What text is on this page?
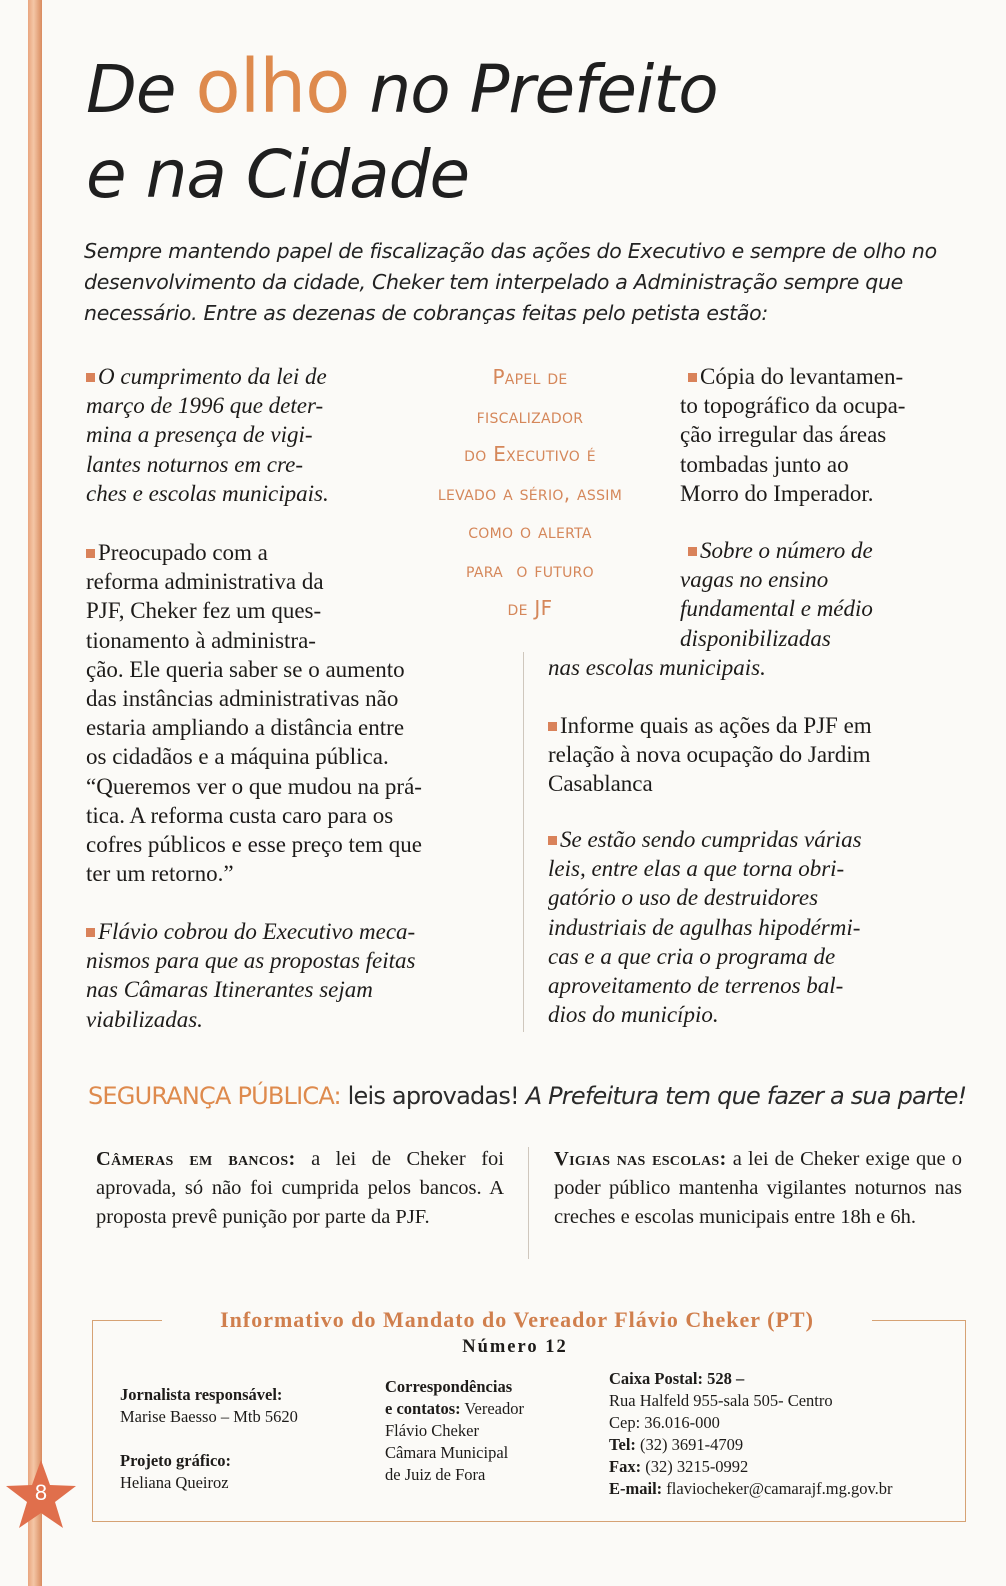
8
De olho no Prefeito
e na Cidade
Sempre mantendo papel de fiscalização das ações do Executivo e sempre de olho no desenvolvimento da cidade, Cheker tem interpelado a Administração sempre que necessário. Entre as dezenas de cobranças feitas pelo petista estão:
Papel de
fiscalizador
do Executivo é
levado a sério, assim
como o alerta
para  o futuro
de JF
O cumprimento da lei de
março de 1996 que deter-
mina a presença de vigi-
lantes noturnos em cre-
ches e escolas municipais.
Preocupado com a
reforma administrativa da
PJF, Cheker fez um ques-
tionamento à administra-
ção. Ele queria saber se o aumento
das instâncias administrativas não
estaria ampliando a distância entre
os cidadãos e a máquina pública.
“Queremos ver o que mudou na prá-
tica. A reforma custa caro para os
cofres públicos e esse preço tem que
ter um retorno.”
Flávio cobrou do Executivo meca-
nismos para que as propostas feitas
nas Câmaras Itinerantes sejam
viabilizadas.
Cópia do levantamen-
to topográfico da ocupa-
ção irregular das áreas
tombadas junto ao
Morro do Imperador.
Sobre o número de
vagas no ensino
fundamental e médio
disponibilizadas
nas escolas municipais.
Informe quais as ações da PJF em
relação à nova ocupação do Jardim
Casablanca
Se estão sendo cumpridas várias
leis, entre elas a que torna obri-
gatório o uso de destruidores
industriais de agulhas hipodérmi-
cas e a que cria o programa de
aproveitamento de terrenos bal-
dios do município.
SEGURANÇA PÚBLICA: leis aprovadas! A Prefeitura tem que fazer a sua parte!
Câmeras em bancos: a lei de Cheker foi aprovada, só não foi cumprida pelos bancos. A proposta prevê punição por parte da PJF.
Vigias nas escolas: a lei de Cheker exige que o poder público mantenha vigilantes noturnos nas creches e escolas municipais entre 18h e 6h.
Informativo do Mandato do Vereador Flávio Cheker (PT)
Número 12
Jornalista responsável:
Marise Baesso – Mtb 5620
Projeto gráfico:
Heliana Queiroz
Correspondências
e contatos: Vereador
Flávio Cheker
Câmara Municipal
de Juiz de Fora
Caixa Postal: 528 –
Rua Halfeld 955-sala 505- Centro
Cep: 36.016-000
Tel: (32) 3691-4709
Fax: (32) 3215-0992
E-mail: flaviocheker@camarajf.mg.gov.br
